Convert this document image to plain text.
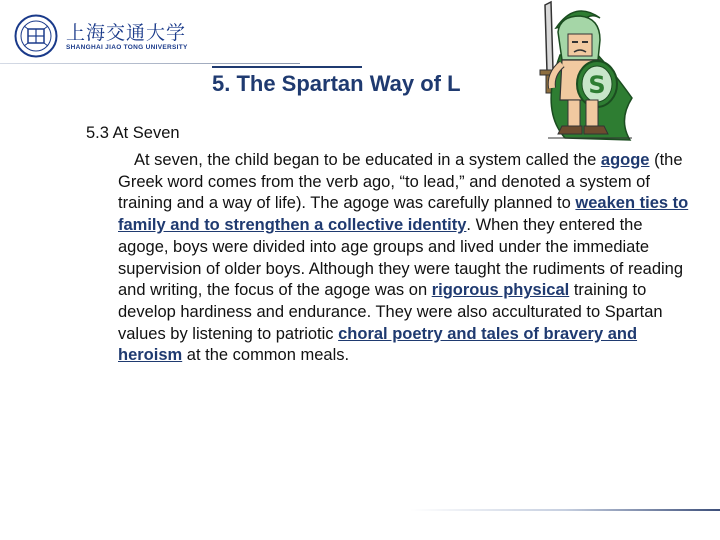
上海交通大学
SHANGHAI JIAO TONG UNIVERSITY
5. The Spartan Way of L	S
5.3 At Seven
At seven, the child began to be educated in a system called the agoge (the Greek word comes from the verb ago, “to lead,” and denoted a system of training and a way of life). The agoge was carefully planned to weaken ties to family and to strengthen a collective identity. When they entered the agoge, boys were divided into age groups and lived under the immediate supervision of older boys. Although they were taught the rudiments of reading and writing, the focus of the agoge was on rigorous physical training to develop hardiness and endurance. They were also acculturated to Spartan values by listening to patriotic choral poetry and tales of bravery and heroism at the common meals.
